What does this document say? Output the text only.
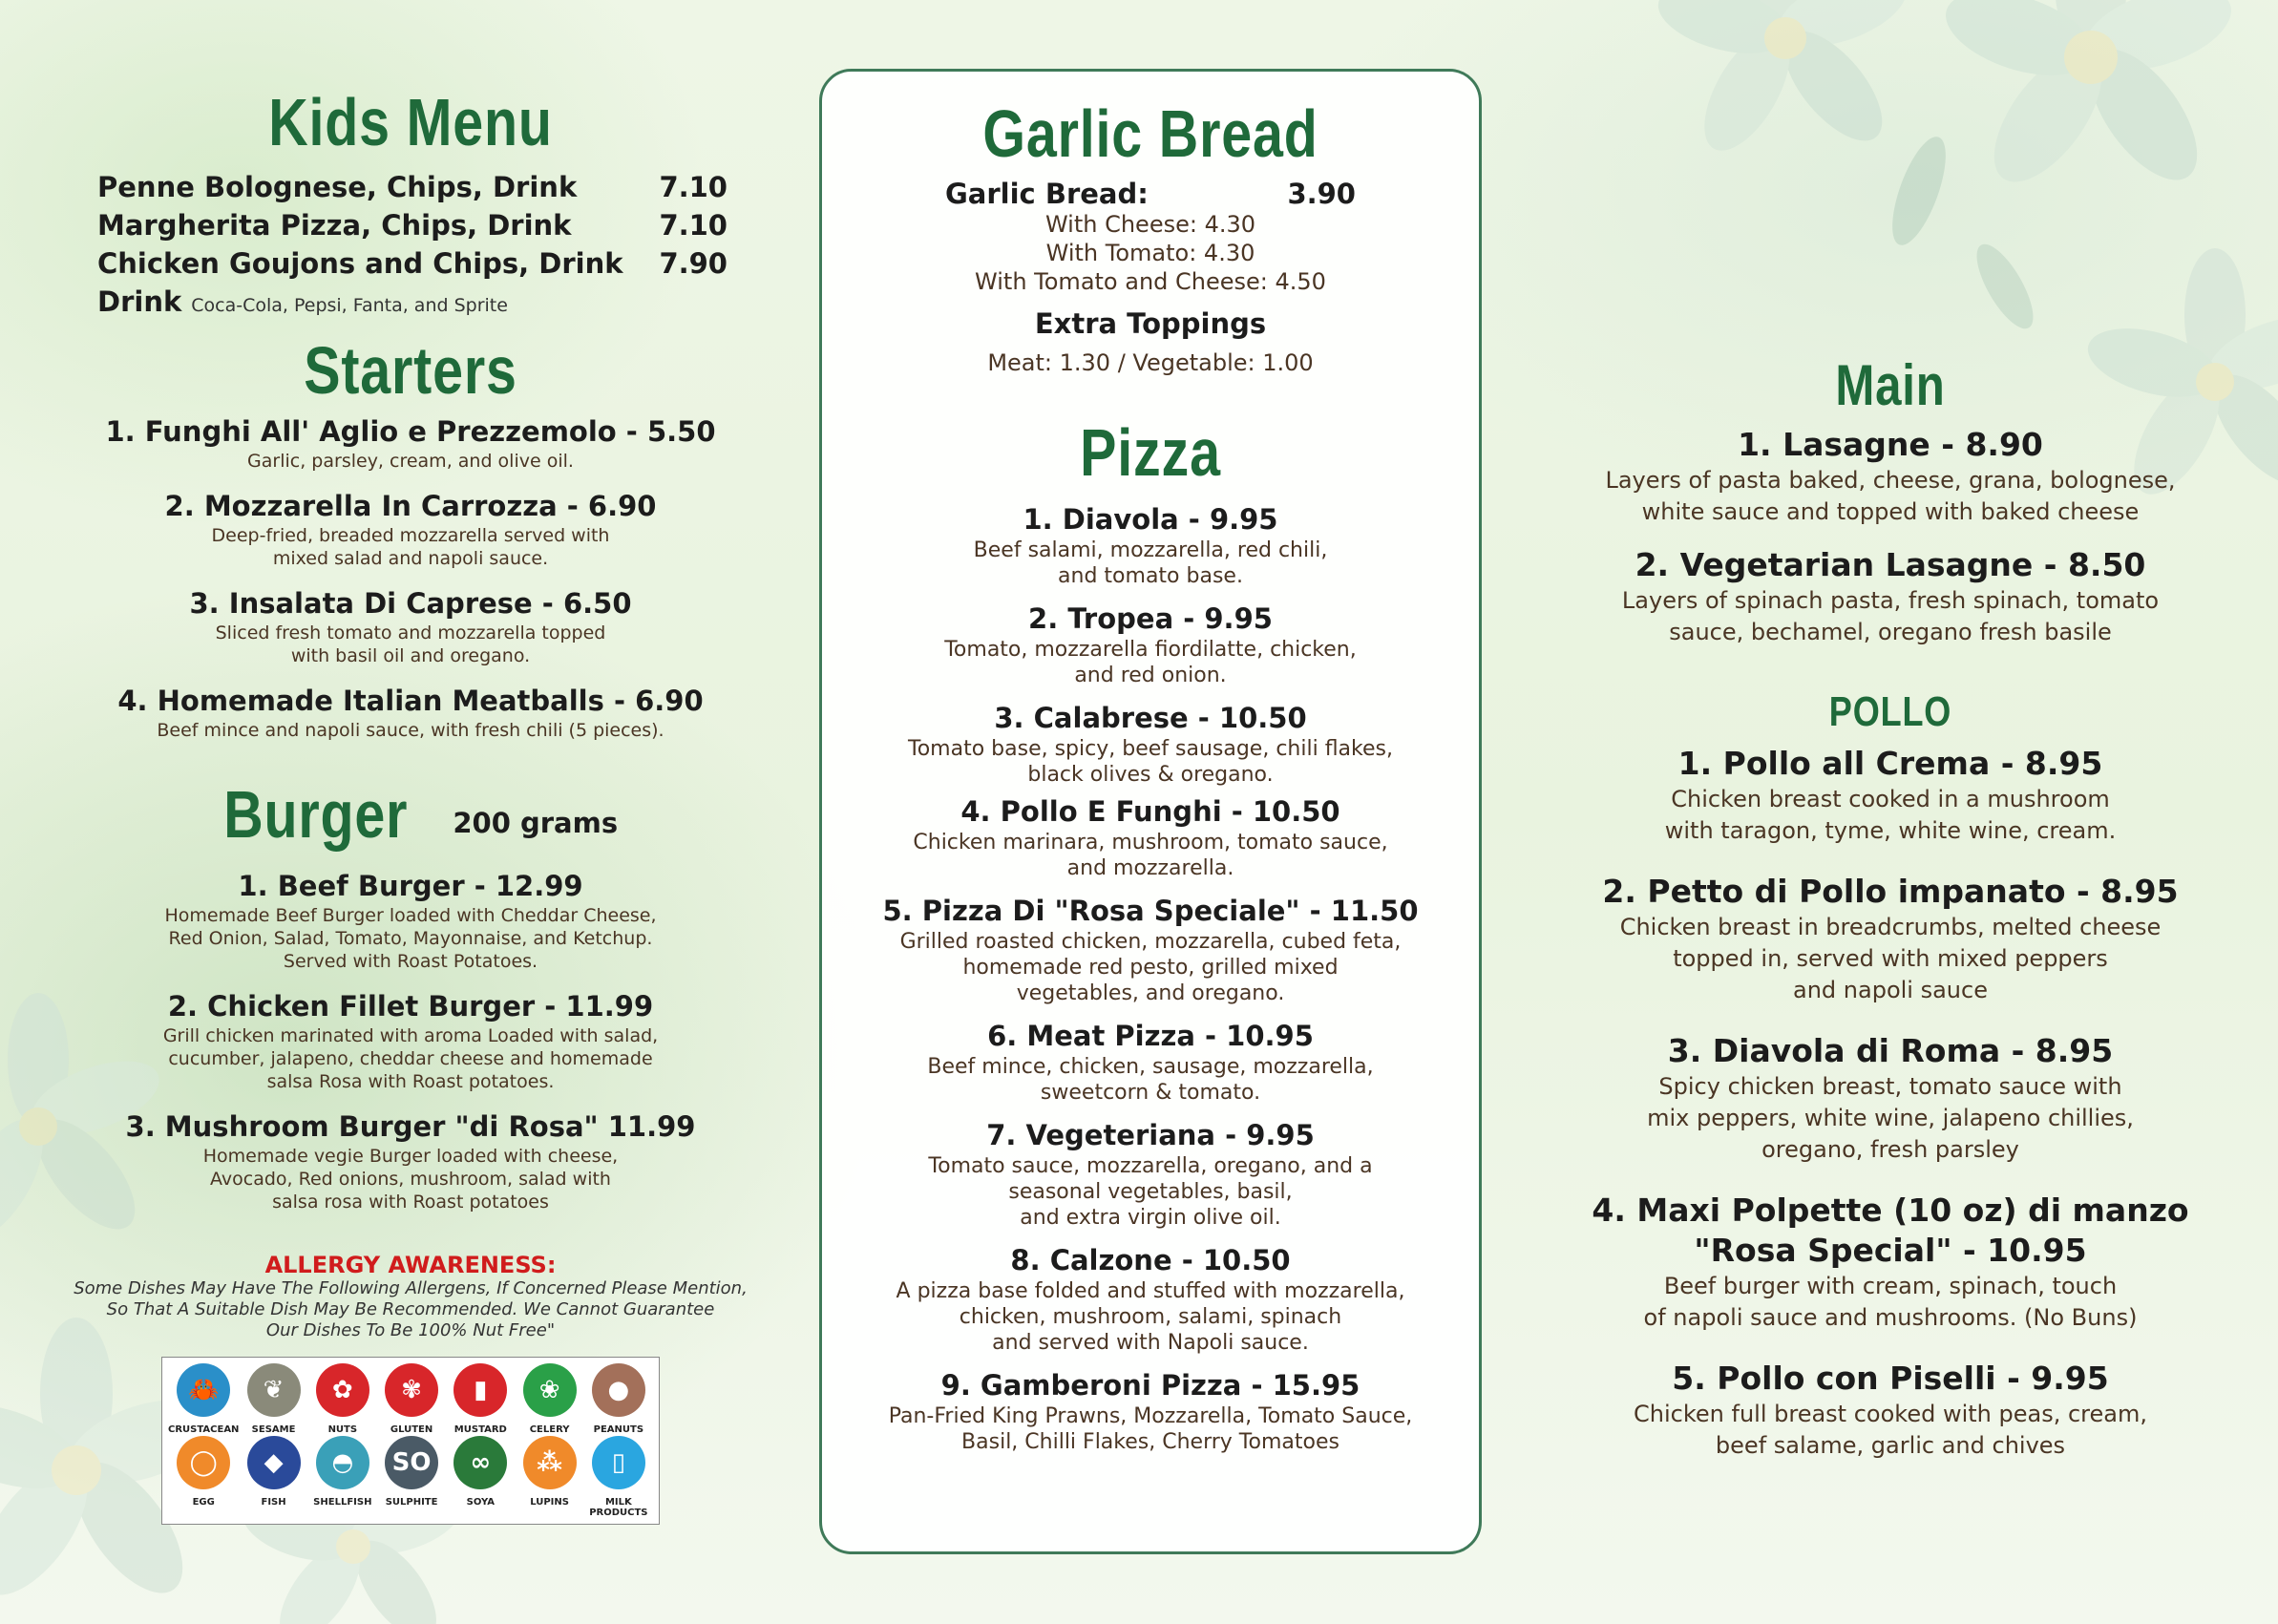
Kids Menu
Penne Bolognese, Chips, Drink	7.10
Margherita Pizza, Chips, Drink	7.10
Chicken Goujons and Chips, Drink 7.90
Drink Coca-Cola, Pepsi, Fanta, and Sprite
Starters
1. Funghi All' Aglio e Prezzemolo - 5.50
Garlic, parsley, cream, and olive oil.
2. Mozzarella In Carrozza - 6.90
Deep-fried, breaded mozzarella served with
mixed salad and napoli sauce.
3. Insalata Di Caprese - 6.50
Sliced fresh tomato and mozzarella topped
with basil oil and oregano.
4. Homemade Italian Meatballs - 6.90
Beef mince and napoli sauce, with fresh chili (5 pieces).
Burger 200 grams
1. Beef Burger - 12.99
Homemade Beef Burger loaded with Cheddar Cheese,
Red Onion, Salad, Tomato, Mayonnaise, and Ketchup.
Served with Roast Potatoes.
2. Chicken Fillet Burger - 11.99
Grill chicken marinated with aroma Loaded with salad,
cucumber, jalapeno, cheddar cheese and homemade
salsa Rosa with Roast potatoes.
3. Mushroom Burger "di Rosa" 11.99
Homemade vegie Burger loaded with cheese,
Avocado, Red onions, mushroom, salad with
salsa rosa with Roast potatoes
ALLERGY AWARENESS:
Some Dishes May Have The Following Allergens, If Concerned Please Mention,
So That A Suitable Dish May Be Recommended. We Cannot Guarantee
Our Dishes To Be 100% Nut Free"
🦀
CRUSTACEAN
❦
SESAME
✿
NUTS
✾
GLUTEN
▮
MUSTARD
❀
CELERY
●
PEANUTS
◯
EGG
◆
FISH
◓
SHELLFISH
SO
SULPHITE
∞
SOYA
⁂
LUPINS
▯
MILK PRODUCTS
Garlic Bread
Garlic Bread:	3.90
With Cheese: 4.30
With Tomato: 4.30
With Tomato and Cheese: 4.50
Extra Toppings
Meat: 1.30 / Vegetable: 1.00
Pizza
1. Diavola - 9.95
Beef salami, mozzarella, red chili,
and tomato base.
2. Tropea - 9.95
Tomato, mozzarella fiordilatte, chicken,
and red onion.
3. Calabrese - 10.50
Tomato base, spicy, beef sausage, chili flakes,
black olives & oregano.
4. Pollo E Funghi - 10.50
Chicken marinara, mushroom, tomato sauce,
and mozzarella.
5. Pizza Di "Rosa Speciale" - 11.50
Grilled roasted chicken, mozzarella, cubed feta,
homemade red pesto, grilled mixed
vegetables, and oregano.
6. Meat Pizza - 10.95
Beef mince, chicken, sausage, mozzarella,
sweetcorn & tomato.
7. Vegeteriana - 9.95
Tomato sauce, mozzarella, oregano, and a
seasonal vegetables, basil,
and extra virgin olive oil.
8. Calzone - 10.50
A pizza base folded and stuffed with mozzarella,
chicken, mushroom, salami, spinach
and served with Napoli sauce.
9. Gamberoni Pizza - 15.95
Pan-Fried King Prawns, Mozzarella, Tomato Sauce,
Basil, Chilli Flakes, Cherry Tomatoes
Main
1. Lasagne - 8.90
Layers of pasta baked, cheese, grana, bolognese,
white sauce and topped with baked cheese
2. Vegetarian Lasagne - 8.50
Layers of spinach pasta, fresh spinach, tomato
sauce, bechamel, oregano fresh basile
POLLO
1. Pollo all Crema - 8.95
Chicken breast cooked in a mushroom
with taragon, tyme, white wine, cream.
2. Petto di Pollo impanato - 8.95
Chicken breast in breadcrumbs, melted cheese
topped in, served with mixed peppers
and napoli sauce
3. Diavola di Roma - 8.95
Spicy chicken breast, tomato sauce with
mix peppers, white wine, jalapeno chillies,
oregano, fresh parsley
4. Maxi Polpette (10 oz) di manzo
"Rosa Special" - 10.95
Beef burger with cream, spinach, touch
of napoli sauce and mushrooms. (No Buns)
5. Pollo con Piselli - 9.95
Chicken full breast cooked with peas, cream,
beef salame, garlic and chives
